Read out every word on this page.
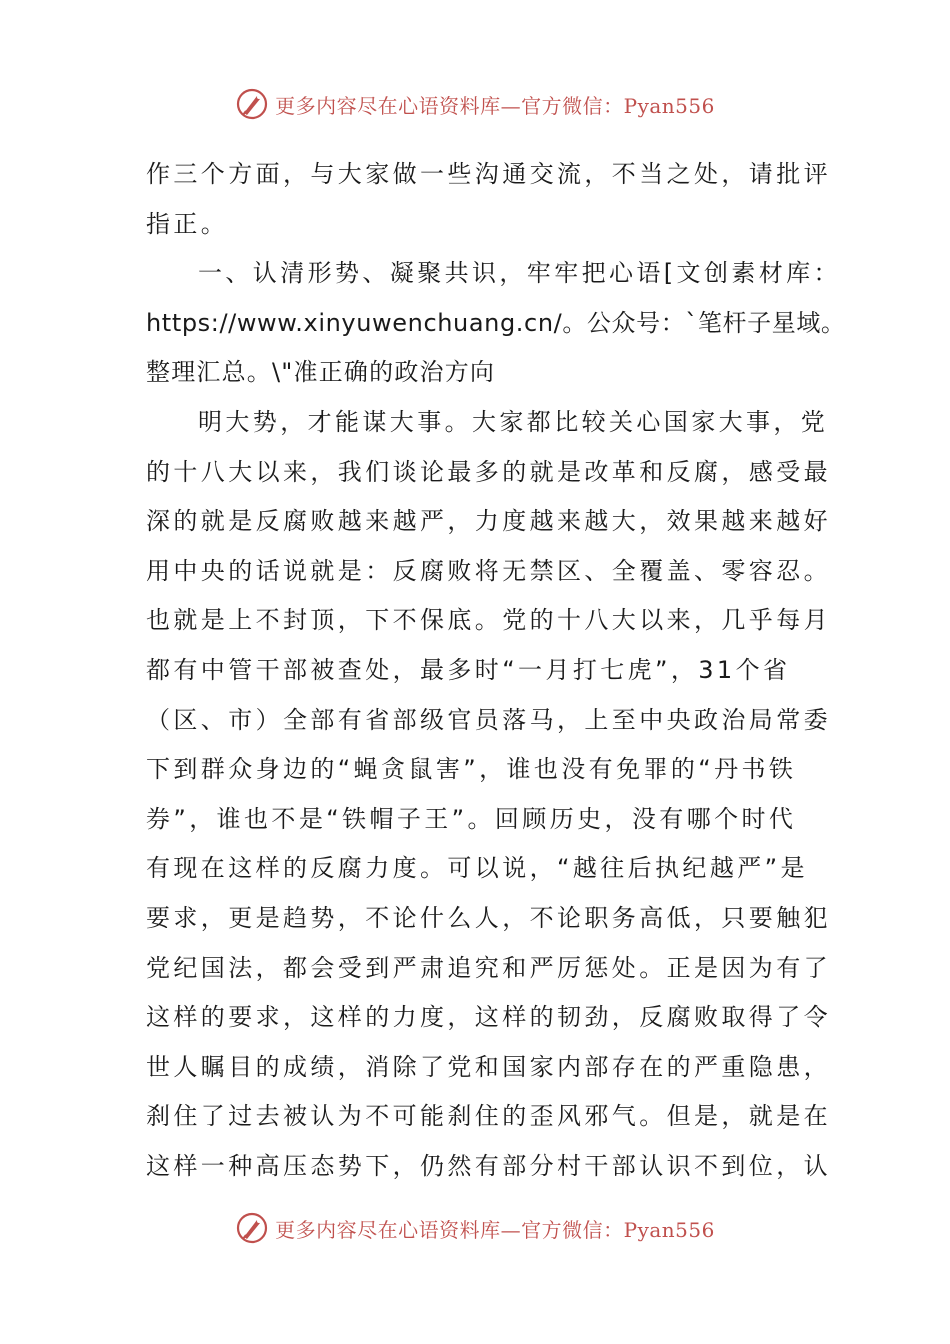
更多内容尽在心语资料库—官方微信：Pyan556
作三个方面，与大家做一些沟通交流，不当之处，请批评
指正。
一、认清形势、凝聚共识，牢牢把心语[文创素材库：
https://www.xinyuwenchuang.cn/。公众号：`笔杆子星域。
整理汇总。\"准正确的政治方向
明大势，才能谋大事。大家都比较关心国家大事，党
的十八大以来，我们谈论最多的就是改革和反腐，感受最
深的就是反腐败越来越严，力度越来越大，效果越来越好
用中央的话说就是：反腐败将无禁区、全覆盖、零容忍。
也就是上不封顶，下不保底。党的十八大以来，几乎每月
都有中管干部被查处，最多时“一月打七虎”，31个省
（区、市）全部有省部级官员落马，上至中央政治局常委
下到群众身边的“蝇贪鼠害”，谁也没有免罪的“丹书铁
券”，谁也不是“铁帽子王”。回顾历史，没有哪个时代
有现在这样的反腐力度。可以说，“越往后执纪越严”是
要求，更是趋势，不论什么人，不论职务高低，只要触犯
党纪国法，都会受到严肃追究和严厉惩处。正是因为有了
这样的要求，这样的力度，这样的韧劲，反腐败取得了令
世人瞩目的成绩，消除了党和国家内部存在的严重隐患，
刹住了过去被认为不可能刹住的歪风邪气。但是，就是在
这样一种高压态势下，仍然有部分村干部认识不到位，认
更多内容尽在心语资料库—官方微信：Pyan556
